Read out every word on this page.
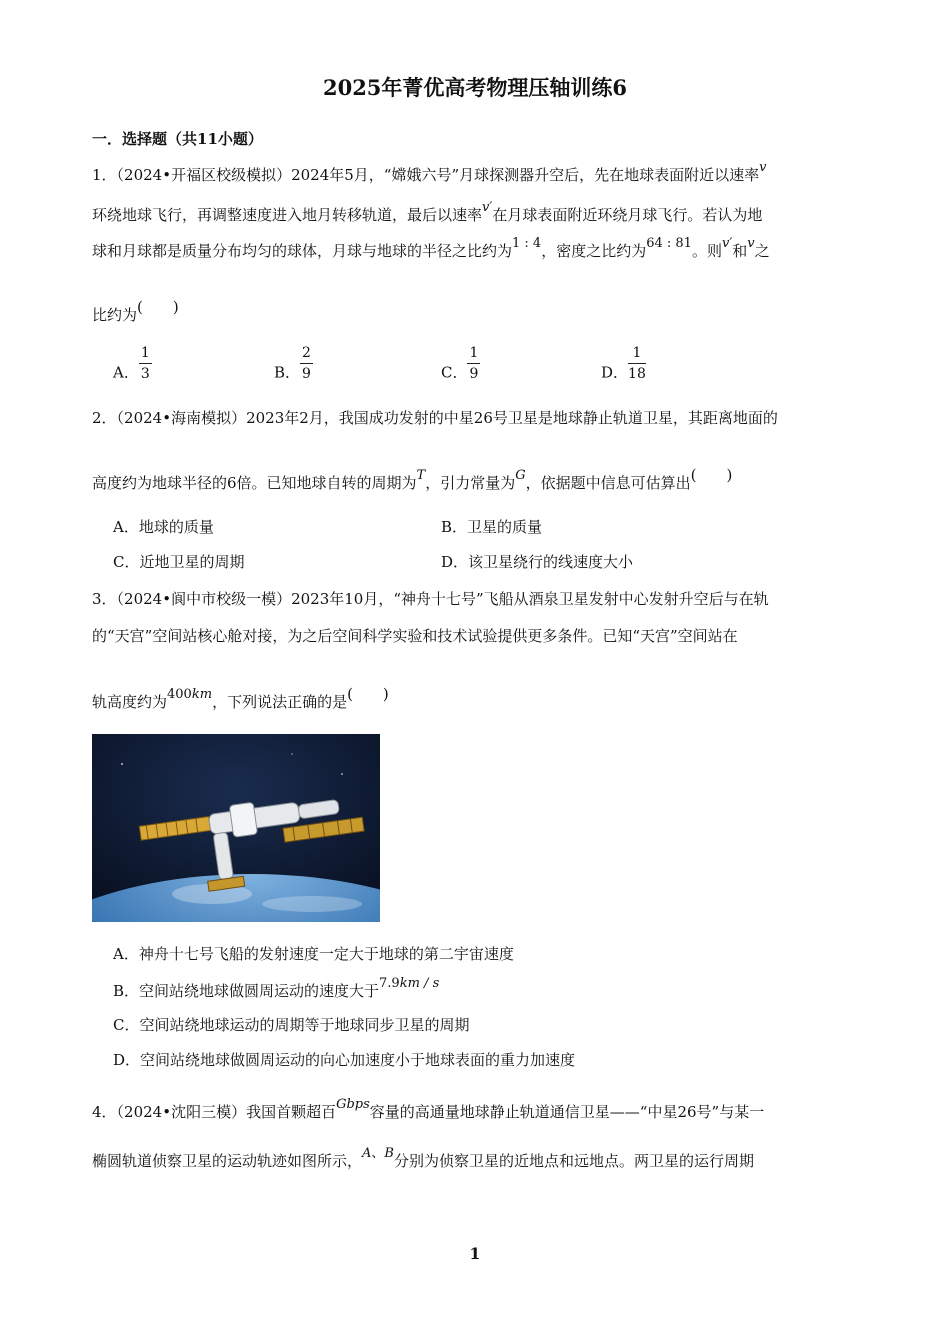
2025年菁优高考物理压轴训练6
一．选择题（共11小题）
1．（2024•开福区校级模拟）2024年5月，“嫦娥六号”月球探测器升空后，先在地球表面附近以速率v
环绕地球飞行，再调整速度进入地月转移轨道，最后以速率v′在月球表面附近环绕月球飞行。若认为地
球和月球都是质量分布均匀的球体，月球与地球的半径之比约为1 : 4，密度之比约为64 : 81。则v′和v之
比约为(　　)
A． $\frac{1}{3}$	B． $\frac{2}{9}$	C． $\frac{1}{9}$	D． $\frac{1}{18}$
2．（2024•海南模拟）2023年2月，我国成功发射的中星26号卫星是地球静止轨道卫星，其距离地面的
高度约为地球半径的6倍。已知地球自转的周期为T，引力常量为G，依据题中信息可估算出(　　)
A．地球的质量	B．卫星的质量
C．近地卫星的周期	D．该卫星绕行的线速度大小
3．（2024•阆中市校级一模）2023年10月，“神舟十七号”飞船从酒泉卫星发射中心发射升空后与在轨
的“天宫”空间站核心舱对接，为之后空间科学实验和技术试验提供更多条件。已知“天宫”空间站在
轨高度约为400km，下列说法正确的是(　　)
A．神舟十七号飞船的发射速度一定大于地球的第二宇宙速度
B．空间站绕地球做圆周运动的速度大于7.9km / s
C．空间站绕地球运动的周期等于地球同步卫星的周期
D．空间站绕地球做圆周运动的向心加速度小于地球表面的重力加速度
4．（2024•沈阳三模）我国首颗超百Gbps容量的高通量地球静止轨道通信卫星——“中星26号”与某一
椭圆轨道侦察卫星的运动轨迹如图所示，A、B分别为侦察卫星的近地点和远地点。两卫星的运行周期
1
